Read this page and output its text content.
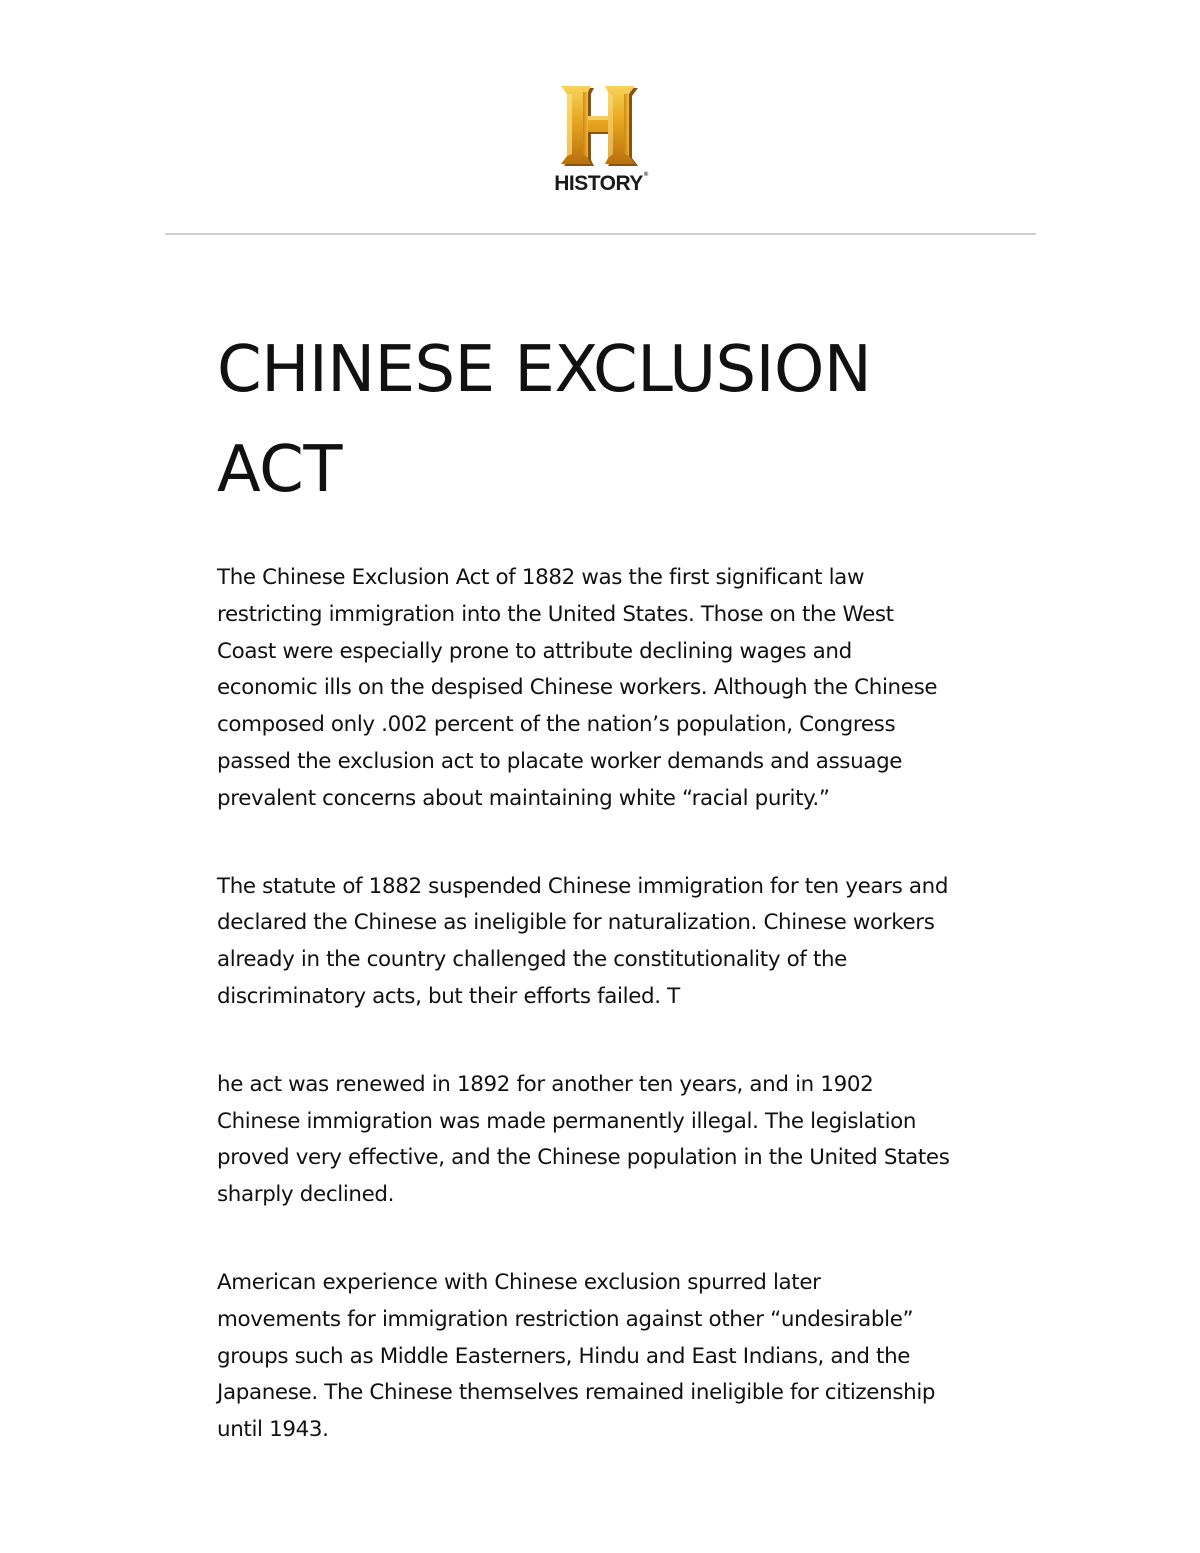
HISTORY®
CHINESE EXCLUSION
ACT

The Chinese Exclusion Act of 1882 was the first significant law
restricting immigration into the United States. Those on the West
Coast were especially prone to attribute declining wages and
economic ills on the despised Chinese workers. Although the Chinese
composed only .002 percent of the nation’s population, Congress
passed the exclusion act to placate worker demands and assuage
prevalent concerns about maintaining white “racial purity.”

The statute of 1882 suspended Chinese immigration for ten years and
declared the Chinese as ineligible for naturalization. Chinese workers
already in the country challenged the constitutionality of the
discriminatory acts, but their efforts failed. T

he act was renewed in 1892 for another ten years, and in 1902
Chinese immigration was made permanently illegal. The legislation
proved very effective, and the Chinese population in the United States
sharply declined.

American experience with Chinese exclusion spurred later
movements for immigration restriction against other “undesirable”
groups such as Middle Easterners, Hindu and East Indians, and the
Japanese. The Chinese themselves remained ineligible for citizenship
until 1943.
